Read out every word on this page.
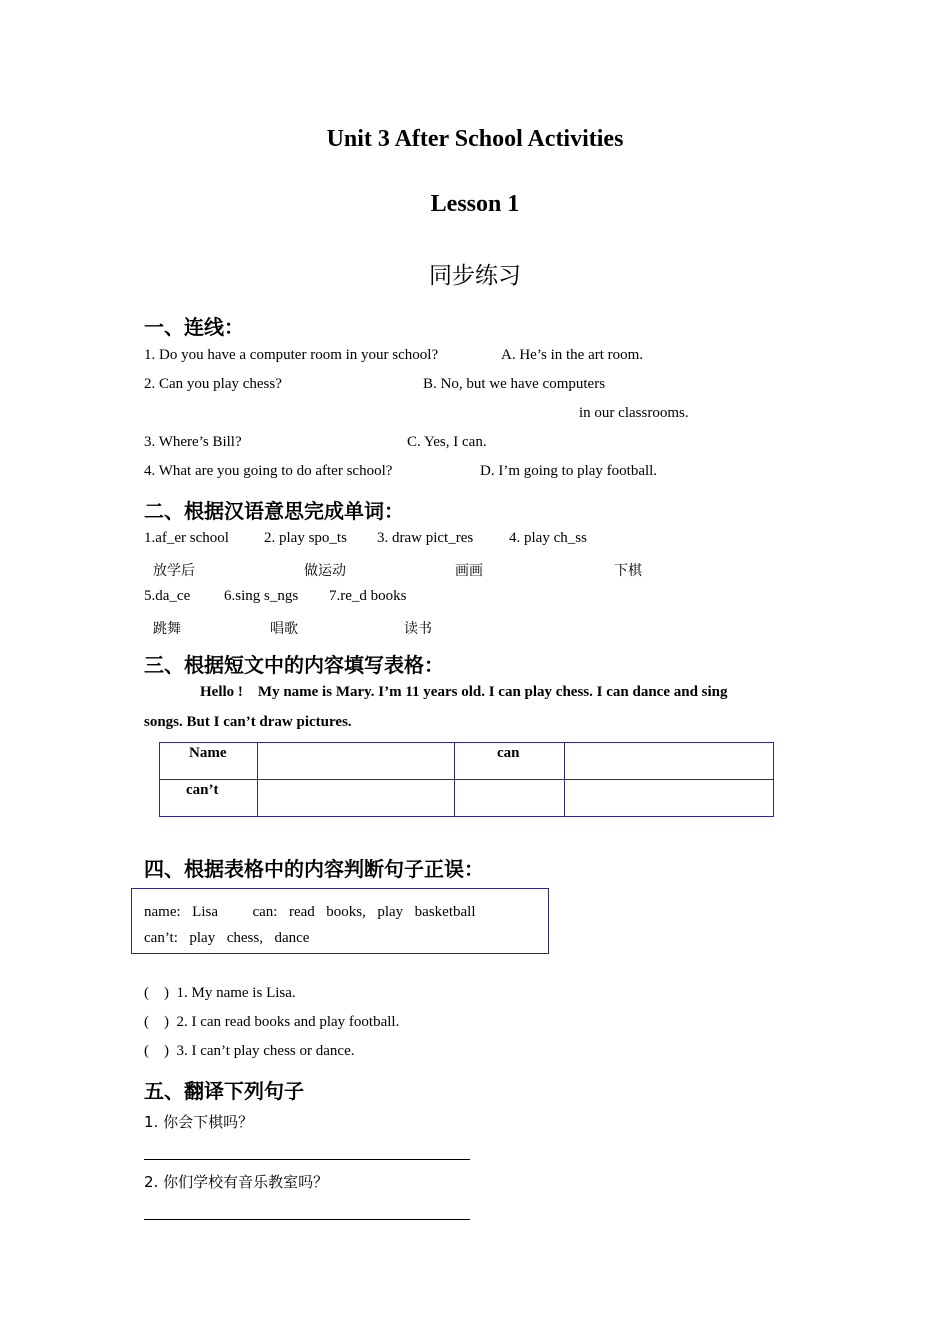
Unit 3 After School Activities
Lesson 1
同步练习
一、连线：
1. Do you have a computer room in your school?	A. He’s in the art room.
2. Can you play chess?	B. No, but we have computers
in our classrooms.
3. Where’s Bill?	C. Yes, I can.
4. What are you going to do after school?	D. I’m going to play football.
二、根据汉语意思完成单词：
1.af_er school 2. play spo_ts 3. draw pict_res 4. play ch_ss
放学后	做运动	画画	下棋
5.da_ce 6.sing s_ngs 7.re_d books
跳舞	唱歌	读书
三、根据短文中的内容填写表格：
Hello !    My name is Mary. I’m 11 years old. I can play chess. I can dance and sing
songs. But I can’t draw pictures.
Name		can	

can’t			

四、根据表格中的内容判断句子正误：
name:  Lisa      can:  read  books,  play  basketball
can’t:  play  chess,  dance
(    )  1. My name is Lisa.
(    )  2. I can read books and play football.
(    )  3. I can’t play chess or dance.
五、翻译下列句子
1. 你会下棋吗？
2. 你们学校有音乐教室吗？
